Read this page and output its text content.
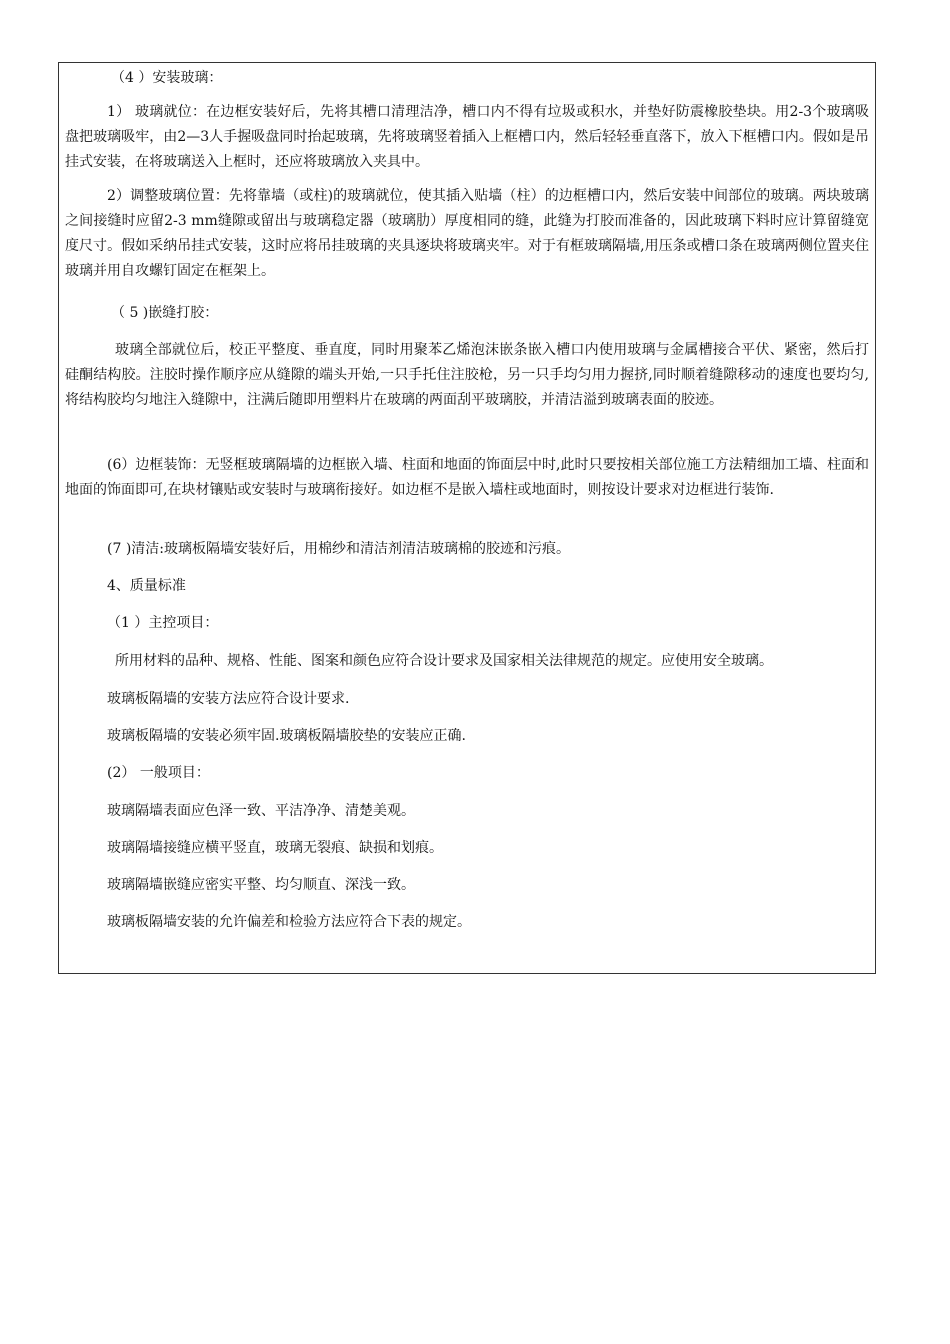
（4 ）安装玻璃：
1） 玻璃就位：在边框安装好后，先将其槽口清理洁净，槽口内不得有垃圾或积水，并垫好防震橡胶垫块。用2-3个玻璃吸盘把玻璃吸牢，由2—3人手握吸盘同时抬起玻璃，先将玻璃竖着插入上框槽口内，然后轻轻垂直落下，放入下框槽口内。假如是吊挂式安装，在将玻璃送入上框时，还应将玻璃放入夹具中。
2）调整玻璃位置：先将靠墙（或柱)的玻璃就位，使其插入贴墙（柱）的边框槽口内，然后安装中间部位的玻璃。两块玻璃之间接缝时应留2-3 mm缝隙或留出与玻璃稳定器（玻璃肋）厚度相同的缝，此缝为打胶而准备的，因此玻璃下料时应计算留缝宽度尺寸。假如采纳吊挂式安装，这时应将吊挂玻璃的夹具逐块将玻璃夹牢。对于有框玻璃隔墙,用压条或槽口条在玻璃两侧位置夹住玻璃并用自攻螺钉固定在框架上。
（ 5 )嵌缝打胶：
玻璃全部就位后，校正平整度、垂直度，同时用聚苯乙烯泡沫嵌条嵌入槽口内使用玻璃与金属槽接合平伏、紧密，然后打硅酮结构胶。注胶时操作顺序应从缝隙的端头开始,一只手托住注胶枪，另一只手均匀用力握挤,同时顺着缝隙移动的速度也要均匀,将结构胶均匀地注入缝隙中，注满后随即用塑料片在玻璃的两面刮平玻璃胶，并清洁溢到玻璃表面的胶迹。
(6）边框装饰：无竖框玻璃隔墙的边框嵌入墙、柱面和地面的饰面层中时,此时只要按相关部位施工方法精细加工墙、柱面和地面的饰面即可,在块材镶贴或安装时与玻璃衔接好。如边框不是嵌入墙柱或地面时，则按设计要求对边框进行装饰.
(7 )清洁:玻璃板隔墙安装好后，用棉纱和清洁剂清洁玻璃棉的胶迹和污痕。
4、质量标准
（1 ）主控项目：
所用材料的品种、规格、性能、图案和颜色应符合设计要求及国家相关法律规范的规定。应使用安全玻璃。
玻璃板隔墙的安装方法应符合设计要求.
玻璃板隔墙的安装必须牢固.玻璃板隔墙胶垫的安装应正确.
(2） 一般项目：
玻璃隔墙表面应色泽一致、平洁净净、清楚美观。
玻璃隔墙接缝应横平竖直，玻璃无裂痕、缺损和划痕。
玻璃隔墙嵌缝应密实平整、均匀顺直、深浅一致。
玻璃板隔墙安装的允许偏差和检验方法应符合下表的规定。
